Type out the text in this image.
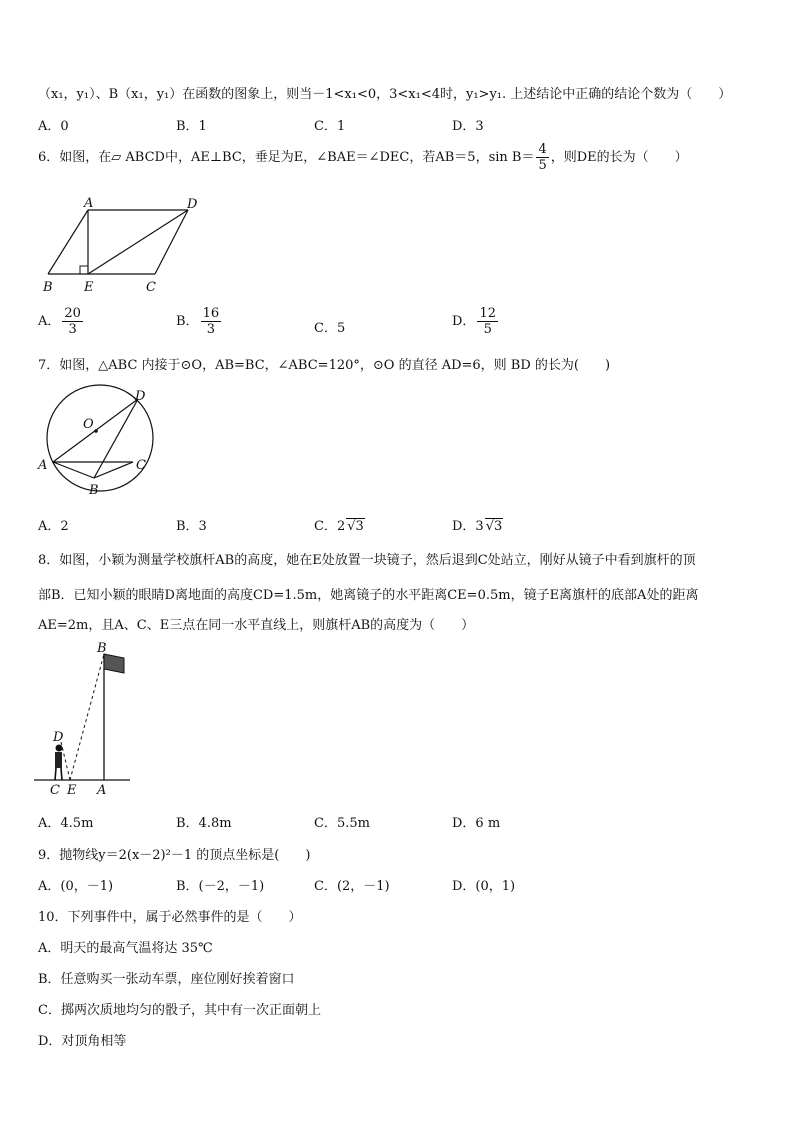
（x₁，y₁）、B（x₁，y₁）在函数的图象上，则当－1<x₁<0，3<x₁<4时，y₁>y₁. 上述结论中正确的结论个数为（　　）
A．0	B．1	C．1	D．3
6．如图，在▱ ABCD中，AE⊥BC，垂足为E，∠BAE＝∠DEC，若AB＝5，$\sin B= \frac{4}{5}$ ，则DE的长为（　　）
A	D
B E	C
A． $\frac{20}{3}$	B． $\frac{16}{3}$	C．5	D． $\frac{12}{5}$
7．如图，△ABC 内接于⊙O，AB=BC，∠ABC=120°，⊙O 的直径 AD=6，则 BD 的长为(　　)
O
D
A	C
B
A．2	B．3	C．2 √3	D．3 √3
8．如图，小颖为测量学校旗杆AB的高度，她在E处放置一块镜子，然后退到C处站立，刚好从镜子中看到旗杆的顶
部B．已知小颖的眼睛D离地面的高度CD=1.5m，她离镜子的水平距离CE=0.5m，镜子E离旗杆的底部A处的距离
AE=2m，且A、C、E三点在同一水平直线上，则旗杆AB的高度为（　　）
B
D
C E A
A．4.5m	B．4.8m	C．5.5m	D．6 m
9．抛物线y＝2(x－2)²－1 的顶点坐标是(　　)
A．(0，－1)	B．(－2，－1)	C．(2，－1)	D．(0，1)
10．下列事件中，属于必然事件的是（　　）
A．明天的最高气温将达 35℃
B．任意购买一张动车票，座位刚好挨着窗口
C．掷两次质地均匀的骰子，其中有一次正面朝上
D．对顶角相等
